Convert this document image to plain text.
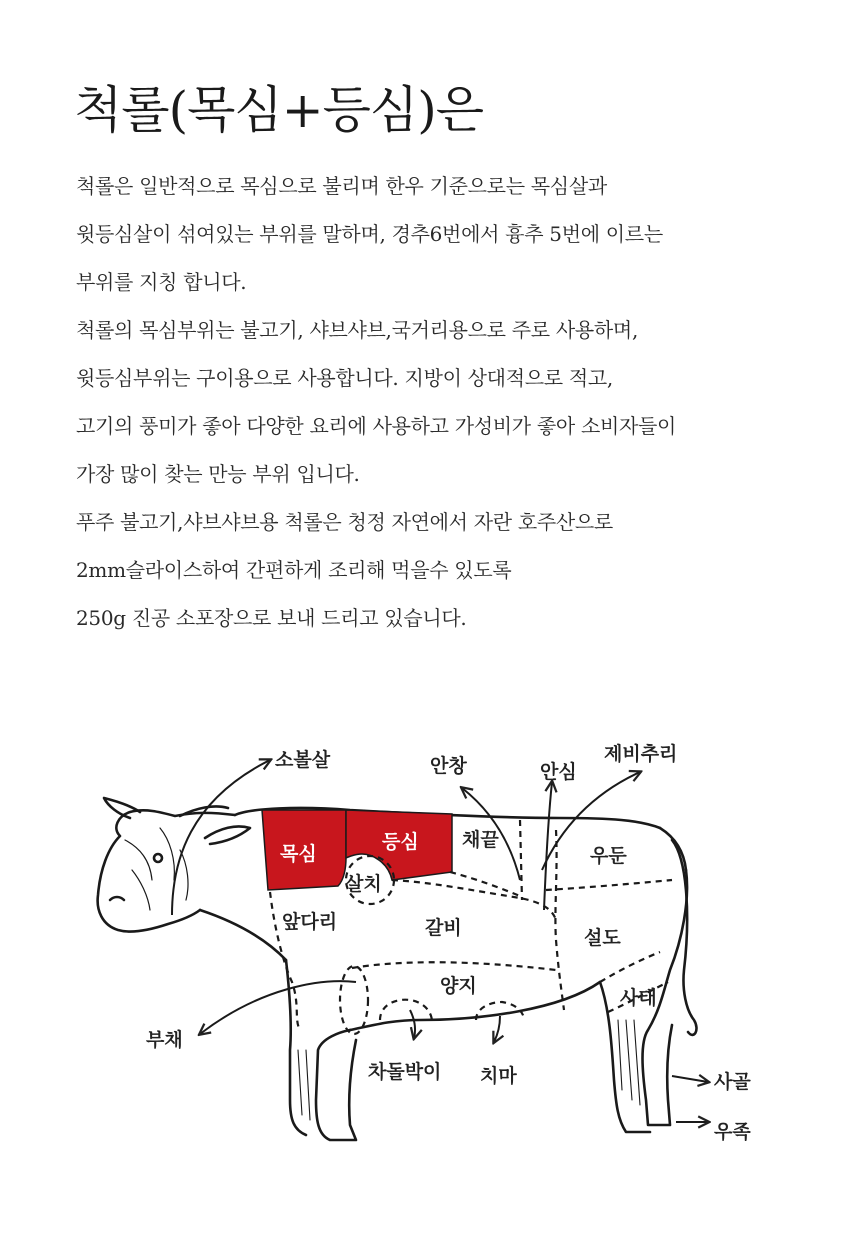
척롤(목심+등심)은
척롤은 일반적으로 목심으로 불리며 한우 기준으로는 목심살과
윗등심살이 섞여있는 부위를 말하며, 경추6번에서 흉추 5번에 이르는
부위를 지칭 합니다.
척롤의 목심부위는 불고기, 샤브샤브,국거리용으로 주로 사용하며,
윗등심부위는 구이용으로 사용합니다. 지방이 상대적으로 적고,
고기의 풍미가 좋아 다양한 요리에 사용하고 가성비가 좋아 소비자들이
가장 많이 찾는 만능 부위 입니다.
푸주 불고기,샤브샤브용 척롤은 청정 자연에서 자란 호주산으로
2mm슬라이스하여 간편하게 조리해 먹을수 있도록
250g 진공 소포장으로 보내 드리고 있습니다.
소볼살	안창	안심
제비추리
목심
등심 채끝
우둔
살치
앞다리	갈비	설도
양지
사태
부채
차돌박이 치마	사골
우족
